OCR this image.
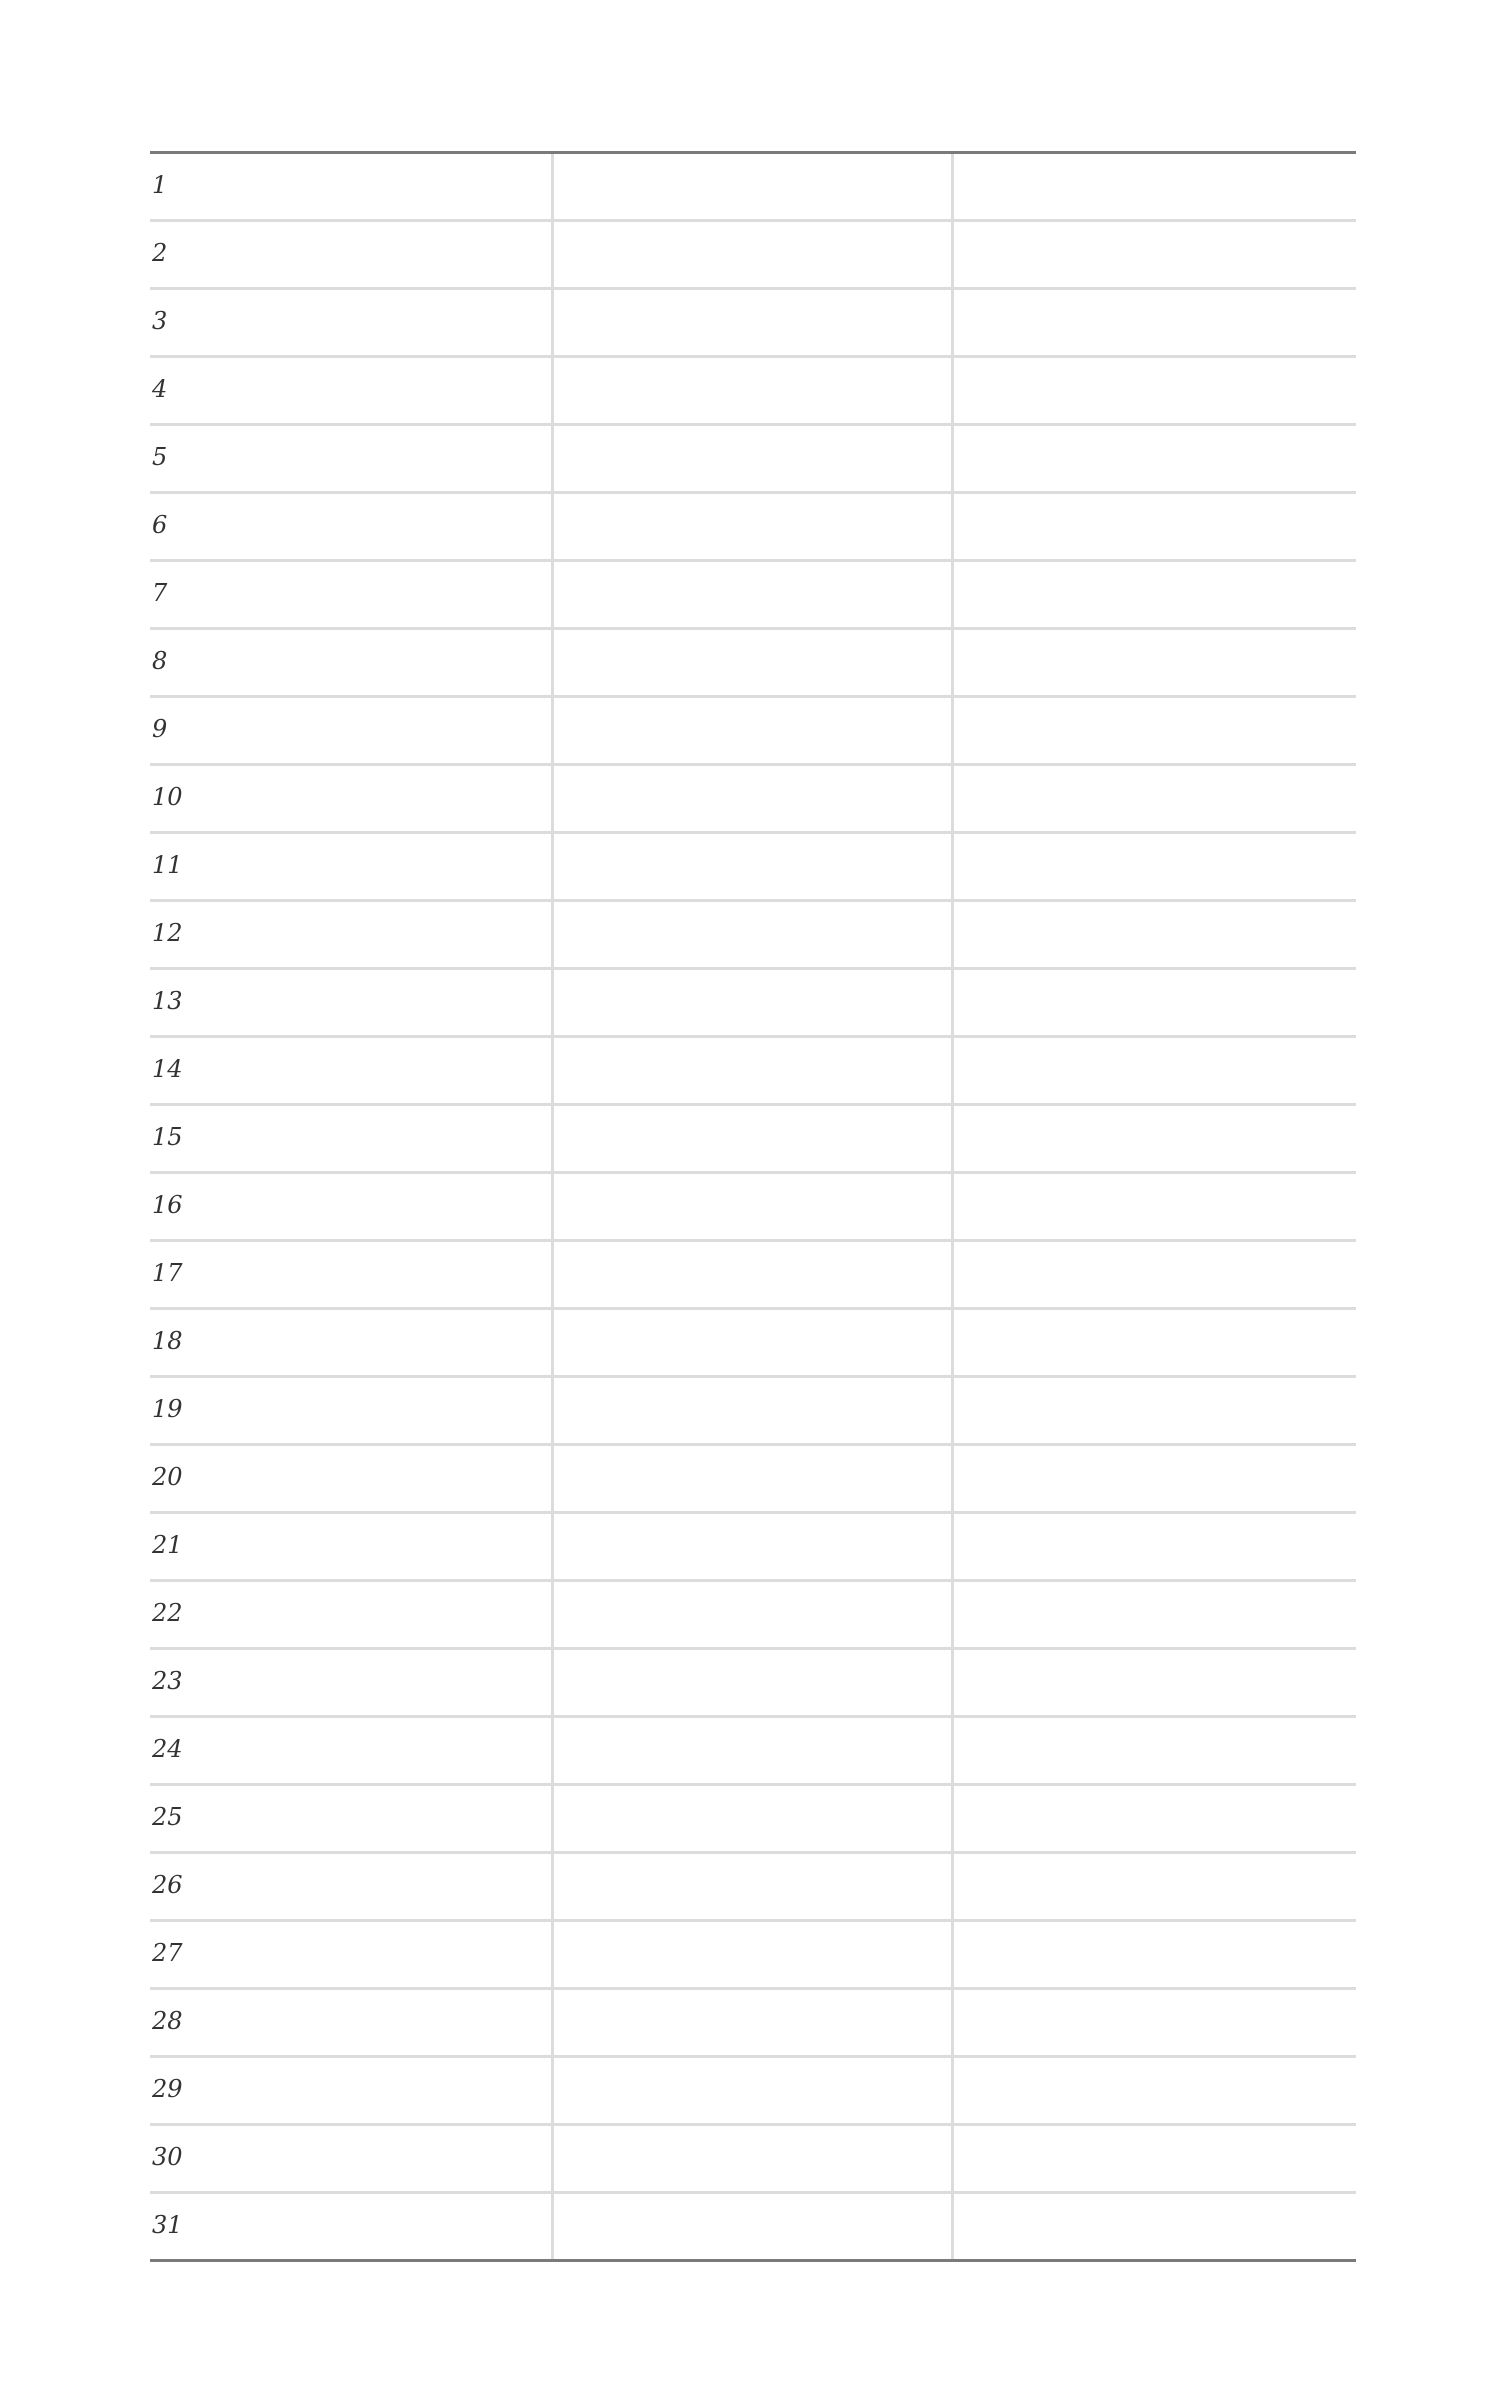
1
2
3
4
5
6
7
8
9
10
11
12
13
14
15
16
17
18
19
20
21
22
23
24
25
26
27
28
29
30
31
